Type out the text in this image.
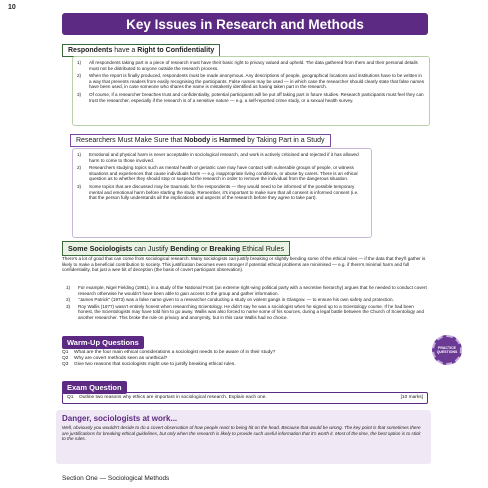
10
Key Issues in Research and Methods
Respondents have a Right to Confidentiality
1)	All respondents taking part in a piece of research must have their basic right to privacy valued and upheld. The data gathered from them and their personal details must not be distributed to anyone outside the research process.
2)	When the report is finally produced, respondents must be made anonymous. Any descriptions of people, geographical locations and institutions have to be written in a way that prevents readers from easily recognising the participants. False names may be used — in which case the researcher should clearly state that false names have been used, in case someone who shares the name is mistakenly identified as having taken part in the research.
3)	Of course, if a researcher breaches trust and confidentiality, potential participants will be put off taking part in future studies. Research participants must feel they can trust the researcher, especially if the research is of a sensitive nature — e.g. a self-reported crime study, or a sexual health survey.
Researchers Must Make Sure that Nobody is Harmed by Taking Part in a Study
1)	Emotional and physical harm is never acceptable in sociological research, and work is actively criticised and rejected if it has allowed harm to come to those involved.
2)	Researchers studying topics such as mental health or geriatric care may have contact with vulnerable groups of people, or witness situations and experiences that cause individuals harm — e.g. inappropriate living conditions, or abuse by carers. There is an ethical question as to whether they should stop or suspend the research in order to remove the individual from the dangerous situation.
3)	Some topics that are discussed may be traumatic for the respondents — they would need to be informed of the possible temporary mental and emotional harm before starting the study. Remember, it's important to make sure that all consent is informed consent (i.e. that the person fully understands all the implications and aspects of the research before they agree to take part).
Some Sociologists can Justify Bending or Breaking Ethical Rules
There's a lot of good that can come from sociological research. Many sociologists can justify breaking or slightly bending some of the ethical rules — if the data that they'll gather is likely to make a beneficial contribution to society. This justification becomes even stronger if potential ethical problems are minimised — e.g. if there's minimal harm and full confidentiality, but just a wee bit of deception (the basis of covert participant observation).
1)	For example, Nigel Fielding (1981), in a study of the National Front (an extreme right-wing political party with a secretive hierarchy) argues that he needed to conduct covert research otherwise he wouldn't have been able to gain access to the group and gather information.
2)	"James Patrick" (1973) was a false name given to a researcher conducting a study on violent gangs in Glasgow. — to ensure his own safety and protection.
3)	Roy Wallis (1977) wasn't entirely honest when researching Scientology. He didn't say he was a sociologist when he signed up to a Scientology course. If he had been honest, the Scientologists may have told him to go away. Wallis was also forced to name some of his sources, during a legal battle between the Church of Scientology and another researcher. This broke the rule on privacy and anonymity, but in this case Wallis had no choice.
Warm-Up Questions
Q1	What are the four main ethical considerations a sociologist needs to be aware of in their study?
Q2	Why are covert methods seen as unethical?
Q3	Give two reasons that sociologists might use to justify breaking ethical rules.
PRACTICE
QUESTIONS
Exam Question
Q1	Outline two reasons why ethics are important in sociological research. Explain each one.	[10 marks]
Danger, sociologists at work...

Well, obviously you wouldn't decide to do a covert observation of how people react to being hit on the head. Because that would be wrong. The key point is that sometimes there are justifications for breaking ethical guidelines, but only when the research is likely to provide such useful information that it's worth it. Most of the time, the best option is to stick to the rules.

Section One — Sociological Methods
